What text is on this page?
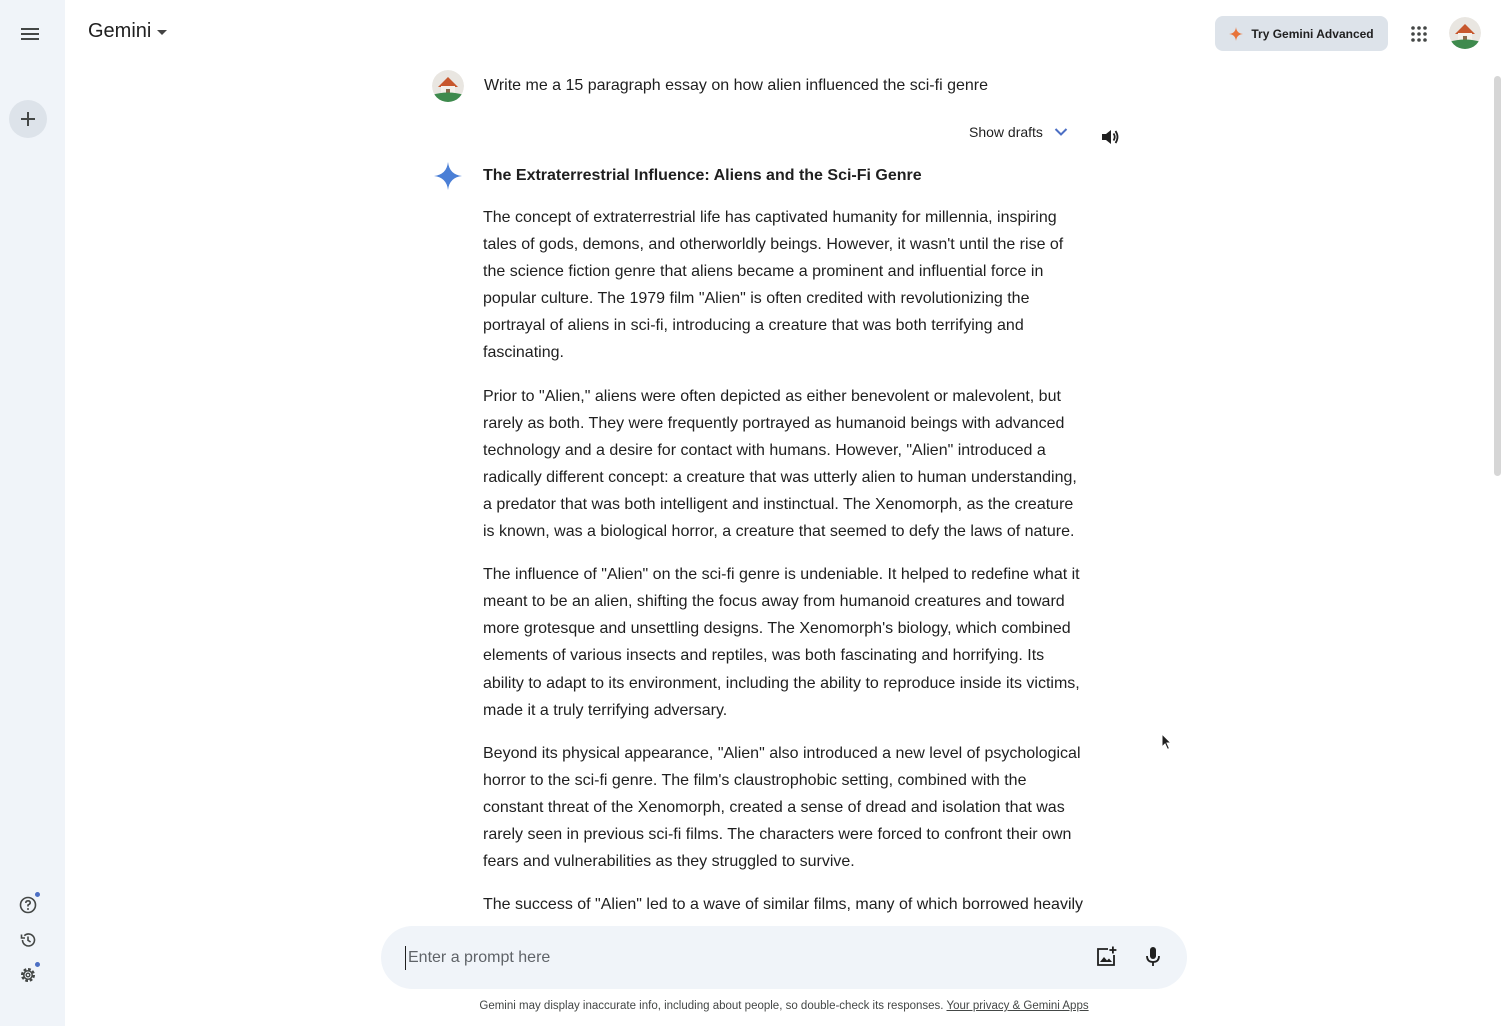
Gemini	Try Gemini Advanced
Write me a 15 paragraph essay on how alien influenced the sci-fi genre
Show drafts
The Extraterrestrial Influence: Aliens and the Sci-Fi Genre

The concept of extraterrestrial life has captivated humanity for millennia, inspiring tales of gods, demons, and otherworldly beings. However, it wasn't until the rise of the science fiction genre that aliens became a prominent and influential force in popular culture. The 1979 film "Alien" is often credited with revolutionizing the portrayal of aliens in sci-fi, introducing a creature that was both terrifying and fascinating.

Prior to "Alien," aliens were often depicted as either benevolent or malevolent, but rarely as both. They were frequently portrayed as humanoid beings with advanced technology and a desire for contact with humans. However, "Alien" introduced a radically different concept: a creature that was utterly alien to human understanding, a predator that was both intelligent and instinctual. The Xenomorph, as the creature is known, was a biological horror, a creature that seemed to defy the laws of nature.

The influence of "Alien" on the sci-fi genre is undeniable. It helped to redefine what it meant to be an alien, shifting the focus away from humanoid creatures and toward more grotesque and unsettling designs. The Xenomorph's biology, which combined elements of various insects and reptiles, was both fascinating and horrifying. Its ability to adapt to its environment, including the ability to reproduce inside its victims, made it a truly terrifying adversary.

Beyond its physical appearance, "Alien" also introduced a new level of psychological horror to the sci-fi genre. The film's claustrophobic setting, combined with the constant threat of the Xenomorph, created a sense of dread and isolation that was rarely seen in previous sci-fi films. The characters were forced to confront their own fears and vulnerabilities as they struggled to survive.

The success of "Alien" led to a wave of similar films, many of which borrowed heavily

Enter a prompt here
Gemini may display inaccurate info, including about people, so double-check its responses. Your privacy & Gemini Apps
